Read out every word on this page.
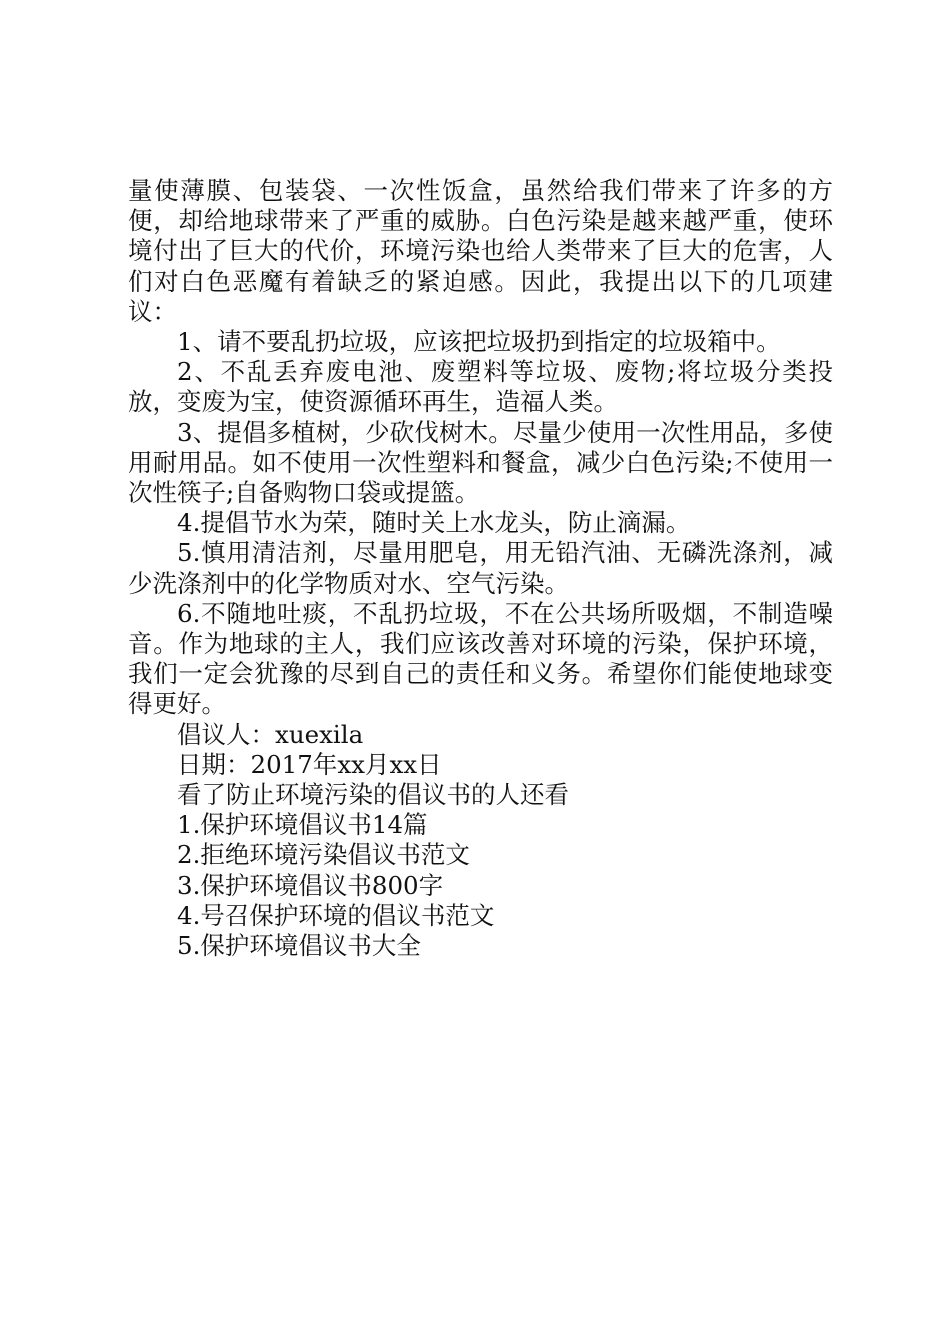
量使薄膜、包装袋、一次性饭盒，虽然给我们带来了许多的方便，却给地球带来了严重的威胁。白色污染是越来越严重，使环境付出了巨大的代价，环境污染也给人类带来了巨大的危害，人们对白色恶魔有着缺乏的紧迫感。因此，我提出以下的几项建议：

1、请不要乱扔垃圾，应该把垃圾扔到指定的垃圾箱中。

2、不乱丢弃废电池、废塑料等垃圾、废物;将垃圾分类投放，变废为宝，使资源循环再生，造福人类。

3、提倡多植树，少砍伐树木。尽量少使用一次性用品，多使用耐用品。如不使用一次性塑料和餐盒，减少白色污染;不使用一次性筷子;自备购物口袋或提篮。

4.提倡节水为荣，随时关上水龙头，防止滴漏。

5.慎用清洁剂，尽量用肥皂，用无铅汽油、无磷洗涤剂，减少洗涤剂中的化学物质对水、空气污染。

6.不随地吐痰，不乱扔垃圾，不在公共场所吸烟，不制造噪音。作为地球的主人，我们应该改善对环境的污染，保护环境，我们一定会犹豫的尽到自己的责任和义务。希望你们能使地球变得更好。

倡议人：xuexila

日期：2017年xx月xx日

看了防止环境污染的倡议书的人还看

1.保护环境倡议书14篇

2.拒绝环境污染倡议书范文

3.保护环境倡议书800字

4.号召保护环境的倡议书范文

5.保护环境倡议书大全
